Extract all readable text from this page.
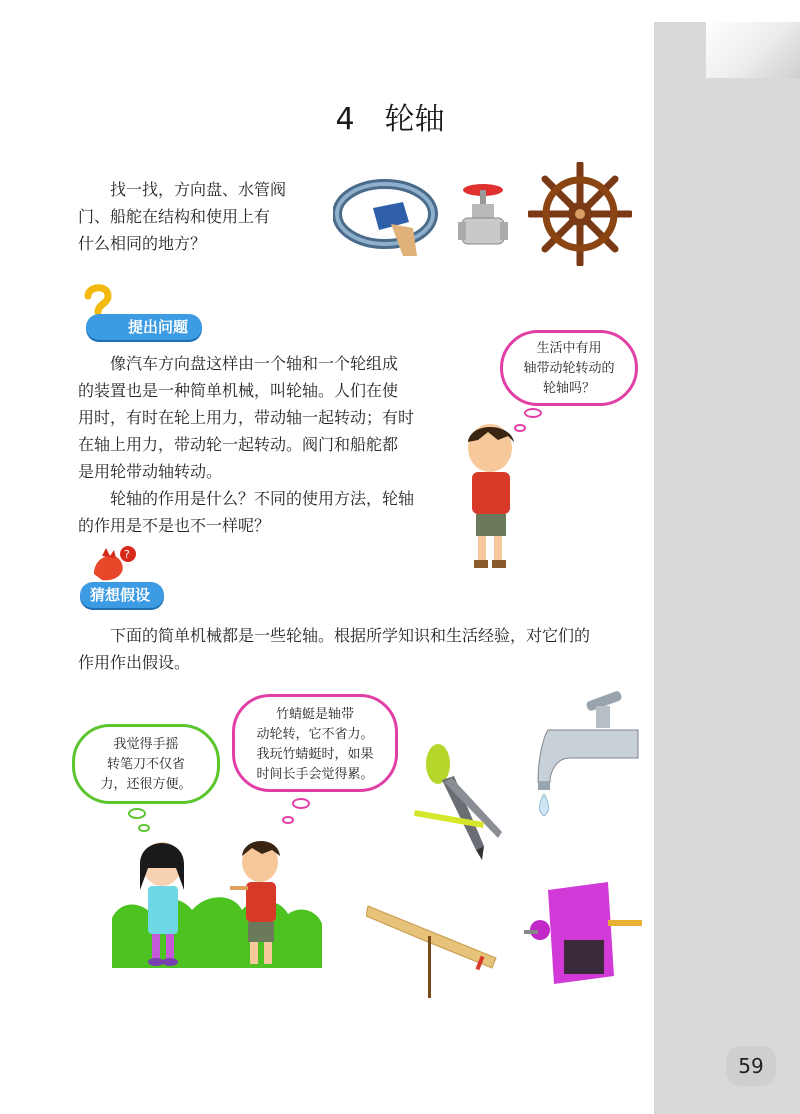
59
4 轮轴
找一找，方向盘、水管阀
门、船舵在结构和使用上有
什么相同的地方？
提出问题
像汽车方向盘这样由一个轴和一个轮组成
的装置也是一种简单机械，叫轮轴。人们在使
用时，有时在轮上用力，带动轴一起转动；有时
在轴上用力，带动轮一起转动。阀门和船舵都
是用轮带动轴转动。
轮轴的作用是什么？不同的使用方法，轮轴
的作用是不是也不一样呢？
生活中有用
轴带动轮转动的
轮轴吗？
?
猜想假设
下面的简单机械都是一些轮轴。根据所学知识和生活经验，对它们的
作用作出假设。
我觉得手摇
转笔刀不仅省
力，还很方便。
竹蜻蜓是轴带
动轮转，它不省力。
我玩竹蜻蜓时，如果
时间长手会觉得累。
